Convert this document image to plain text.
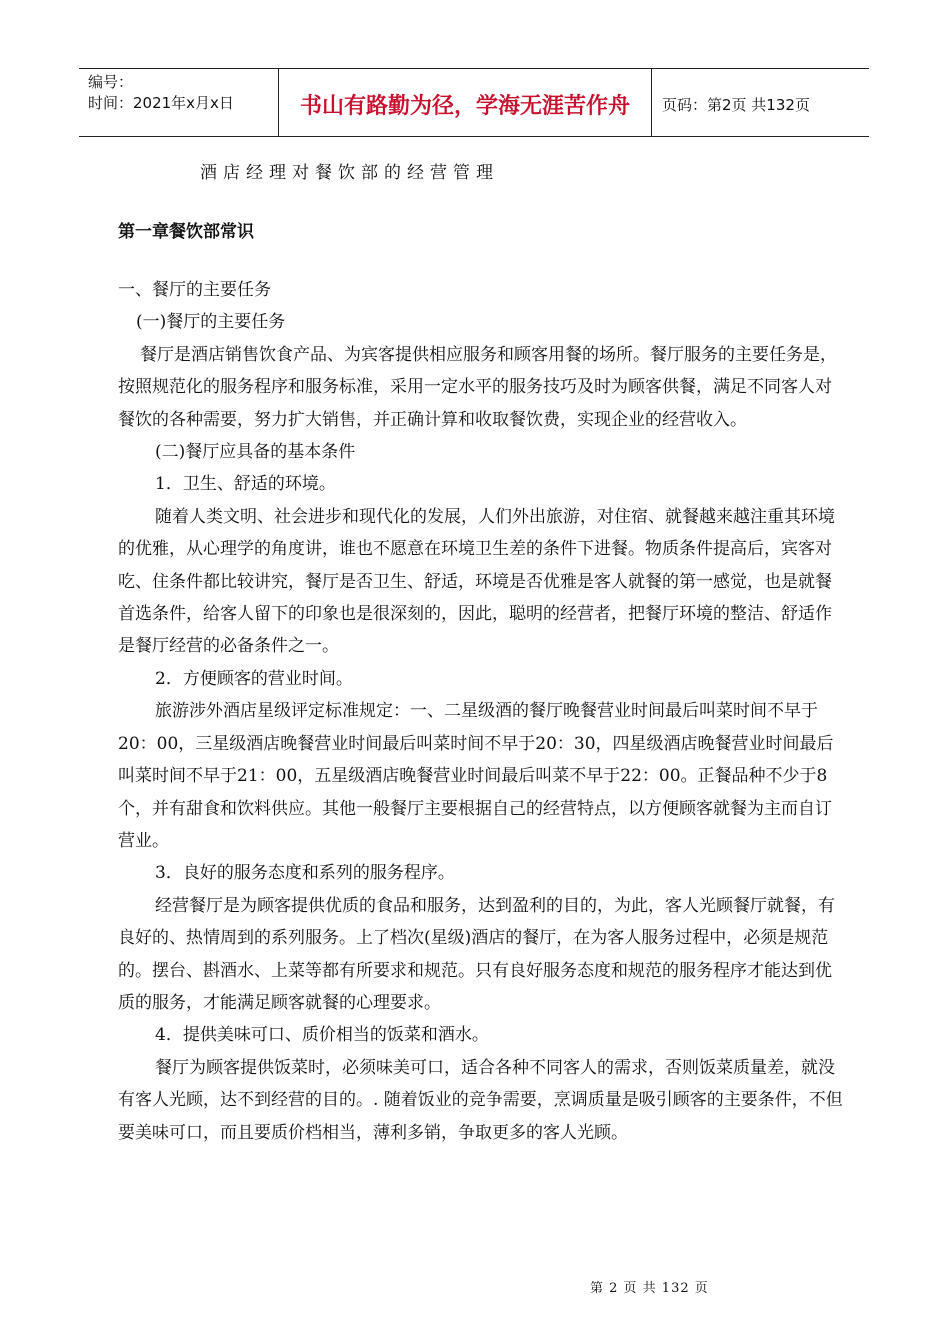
编号：
时间：2021年x月x日	书山有路勤为径，学海无涯苦作舟	页码：第2页 共132页
酒店经理对餐饮部的经营管理
第一章餐饮部常识

一、餐厅的主要任务

(一)餐厅的主要任务

餐厅是酒店销售饮食产品、为宾客提供相应服务和顾客用餐的场所。餐厅服务的主要任务是，按照规范化的服务程序和服务标准，采用一定水平的服务技巧及时为顾客供餐，满足不同客人对餐饮的各种需要，努力扩大销售，并正确计算和收取餐饮费，实现企业的经营收入。

(二)餐厅应具备的基本条件

1．卫生、舒适的环境。

随着人类文明、社会进步和现代化的发展，人们外出旅游，对住宿、就餐越来越注重其环境的优雅，从心理学的角度讲，谁也不愿意在环境卫生差的条件下进餐。物质条件提高后，宾客对吃、住条件都比较讲究，餐厅是否卫生、舒适，环境是否优雅是客人就餐的第一感觉，也是就餐首选条件，给客人留下的印象也是很深刻的，因此，聪明的经营者，把餐厅环境的整洁、舒适作是餐厅经营的必备条件之一。

2．方便顾客的营业时间。

旅游涉外酒店星级评定标准规定：一、二星级酒的餐厅晚餐营业时间最后叫菜时间不早于20：00，三星级酒店晚餐营业时间最后叫菜时间不早于20：30，四星级酒店晚餐营业时间最后叫菜时间不早于21：00，五星级酒店晚餐营业时间最后叫菜不早于22：00。正餐品种不少于8个，并有甜食和饮料供应。其他一般餐厅主要根据自己的经营特点，以方便顾客就餐为主而自订营业。

3．良好的服务态度和系列的服务程序。

经营餐厅是为顾客提供优质的食品和服务，达到盈利的目的，为此，客人光顾餐厅就餐，有良好的、热情周到的系列服务。上了档次(星级)酒店的餐厅，在为客人服务过程中，必须是规范的。摆台、斟酒水、上菜等都有所要求和规范。只有良好服务态度和规范的服务程序才能达到优质的服务，才能满足顾客就餐的心理要求。

4．提供美味可口、质价相当的饭菜和酒水。

餐厅为顾客提供饭菜时，必须味美可口，适合各种不同客人的需求，否则饭菜质量差，就没

有客人光顾，达不到经营的目的。. 随着饭业的竞争需要，烹调质量是吸引顾客的主要条件，不但要美味可口，而且要质价档相当，薄利多销，争取更多的客人光顾。

第 2 页 共 132 页
